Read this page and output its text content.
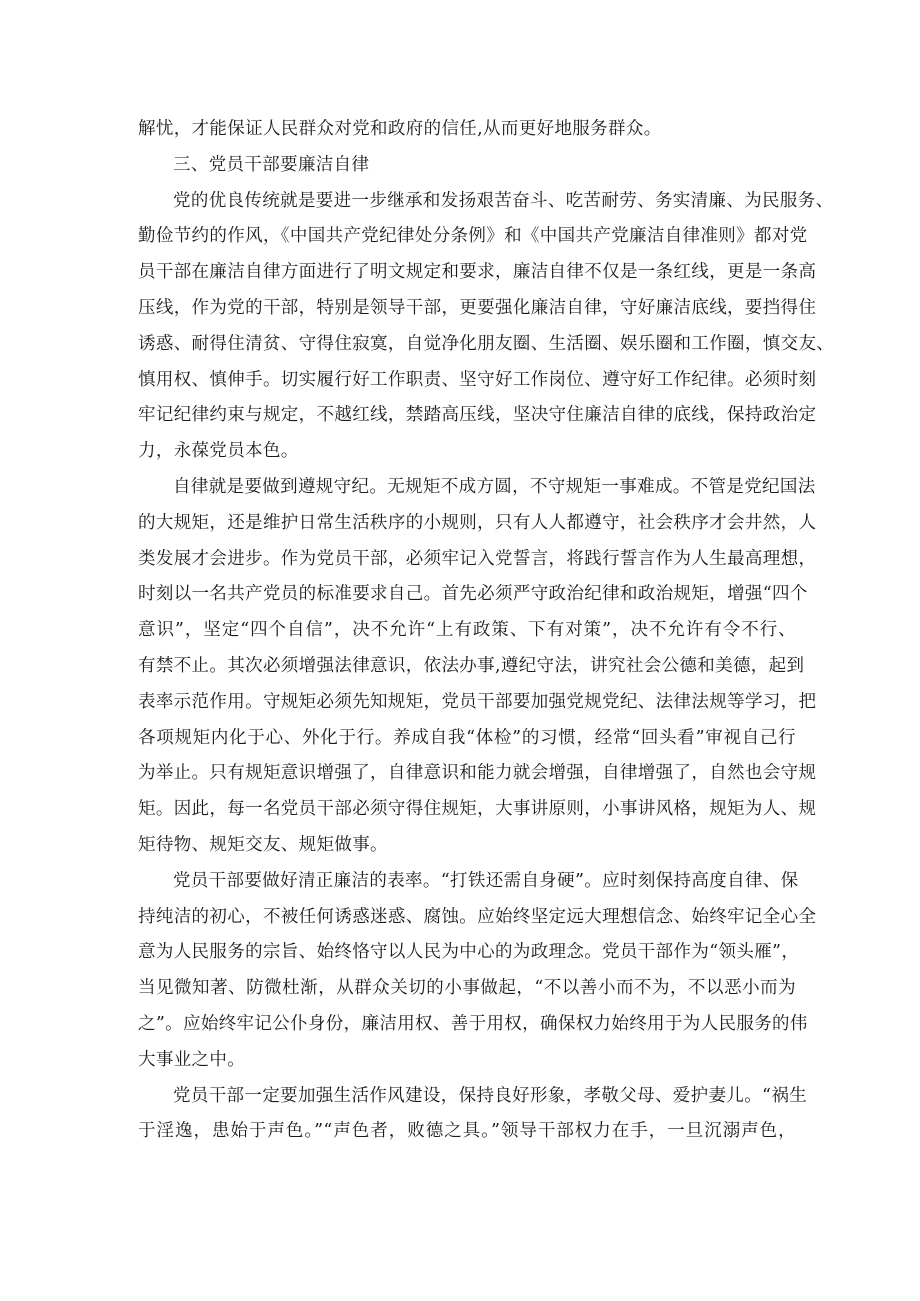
解忧，才能保证人民群众对党和政府的信任,从而更好地服务群众。
三、党员干部要廉洁自律
党的优良传统就是要进一步继承和发扬艰苦奋斗、吃苦耐劳、务实清廉、为民服务、
勤俭节约的作风，《中国共产党纪律处分条例》和《中国共产党廉洁自律准则》都对党
员干部在廉洁自律方面进行了明文规定和要求，廉洁自律不仅是一条红线，更是一条高
压线，作为党的干部，特别是领导干部，更要强化廉洁自律，守好廉洁底线，要挡得住
诱惑、耐得住清贫、守得住寂寞，自觉净化朋友圈、生活圈、娱乐圈和工作圈，慎交友、
慎用权、慎伸手。切实履行好工作职责、坚守好工作岗位、遵守好工作纪律。必须时刻
牢记纪律约束与规定，不越红线，禁踏高压线，坚决守住廉洁自律的底线，保持政治定
力，永葆党员本色。
自律就是要做到遵规守纪。无规矩不成方圆，不守规矩一事难成。不管是党纪国法
的大规矩，还是维护日常生活秩序的小规则，只有人人都遵守，社会秩序才会井然，人
类发展才会进步。作为党员干部，必须牢记入党誓言，将践行誓言作为人生最高理想，
时刻以一名共产党员的标准要求自己。首先必须严守政治纪律和政治规矩，增强“四个
意识”，坚定“四个自信”，决不允许“上有政策、下有对策”，决不允许有令不行、
有禁不止。其次必须增强法律意识，依法办事,遵纪守法，讲究社会公德和美德，起到
表率示范作用。守规矩必须先知规矩，党员干部要加强党规党纪、法律法规等学习，把
各项规矩内化于心、外化于行。养成自我“体检”的习惯，经常“回头看”审视自己行
为举止。只有规矩意识增强了，自律意识和能力就会增强，自律增强了，自然也会守规
矩。因此，每一名党员干部必须守得住规矩，大事讲原则，小事讲风格，规矩为人、规
矩待物、规矩交友、规矩做事。
党员干部要做好清正廉洁的表率。“打铁还需自身硬”。应时刻保持高度自律、保
持纯洁的初心，不被任何诱惑迷惑、腐蚀。应始终坚定远大理想信念、始终牢记全心全
意为人民服务的宗旨、始终恪守以人民为中心的为政理念。党员干部作为“领头雁”，
当见微知著、防微杜渐，从群众关切的小事做起，“不以善小而不为，不以恶小而为
之”。应始终牢记公仆身份，廉洁用权、善于用权，确保权力始终用于为人民服务的伟
大事业之中。
党员干部一定要加强生活作风建设，保持良好形象，孝敬父母、爱护妻儿。“祸生
于淫逸，患始于声色。”“声色者，败德之具。”领导干部权力在手，一旦沉溺声色，
